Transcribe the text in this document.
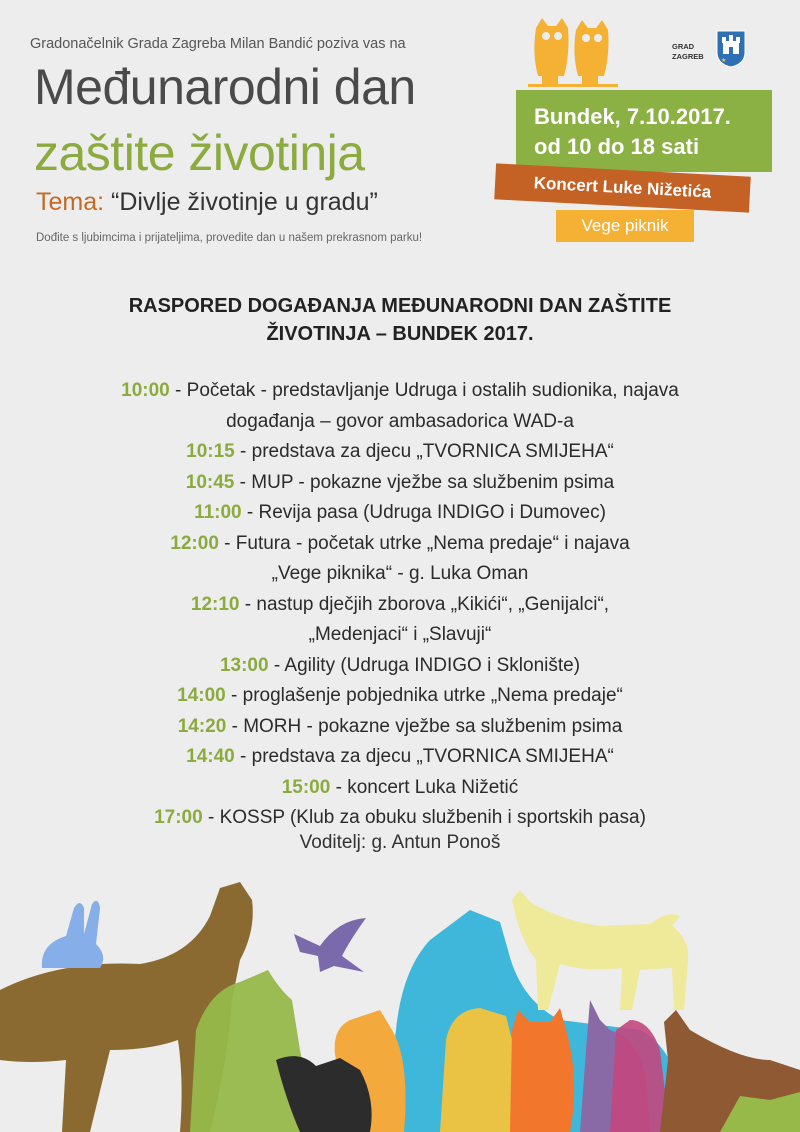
Gradonačelnik Grada Zagreba Milan Bandić poziva vas na
Međunarodni dan
zaštite životinja
Tema: “Divlje životinje u gradu”
Dođite s ljubimcima i prijateljima, provedite dan u našem prekrasnom parku!
GRAD
ZAGREB	★
Bundek, 7.10.2017.
od 10 do 18 sati
Koncert Luke Nižetića
Vege piknik
RASPORED DOGAĐANJA MEĐUNARODNI DAN ZAŠTITE
ŽIVOTINJA – BUNDEK 2017.
10:00 - Početak - predstavljanje Udruga i ostalih sudionika, najava
događanja – govor ambasadorica WAD-a
10:15 - predstava za djecu „TVORNICA SMIJEHA“
10:45 - MUP - pokazne vježbe sa službenim psima
11:00 - Revija pasa (Udruga INDIGO i Dumovec)
12:00 - Futura - početak utrke „Nema predaje“ i najava
„Vege piknika“ - g. Luka Oman
12:10 - nastup dječjih zborova „Kikići“, „Genijalci“,
„Medenjaci“ i „Slavuji“
13:00 - Agility (Udruga INDIGO i Sklonište)
14:00 - proglašenje pobjednika utrke „Nema predaje“
14:20 - MORH - pokazne vježbe sa službenim psima
14:40 - predstava za djecu „TVORNICA SMIJEHA“
15:00 - koncert Luka Nižetić
17:00 - KOSSP (Klub za obuku službenih i sportskih pasa)
Voditelj: g. Antun Ponoš
